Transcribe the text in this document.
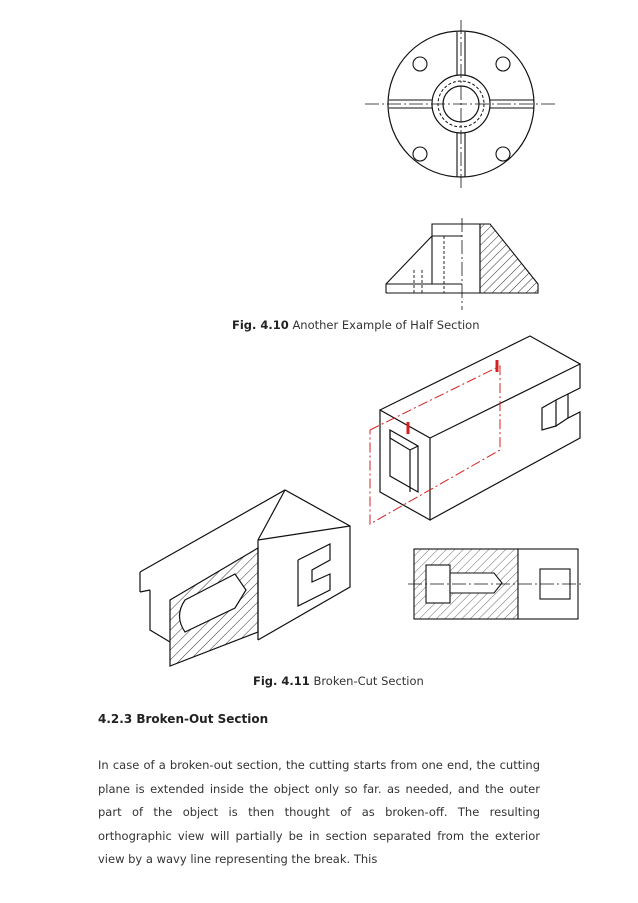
Fig. 4.10 Another Example of Half Section
Fig. 4.11 Broken-Cut Section
4.2.3 Broken-Out Section
In case of a broken-out section, the cutting starts from one end, the cutting plane is extended inside the object only so far. as needed, and the outer part of the object is then thought of as broken-off. The resulting orthographic view will partially be in section separated from the exterior view by a wavy line representing the break. This
